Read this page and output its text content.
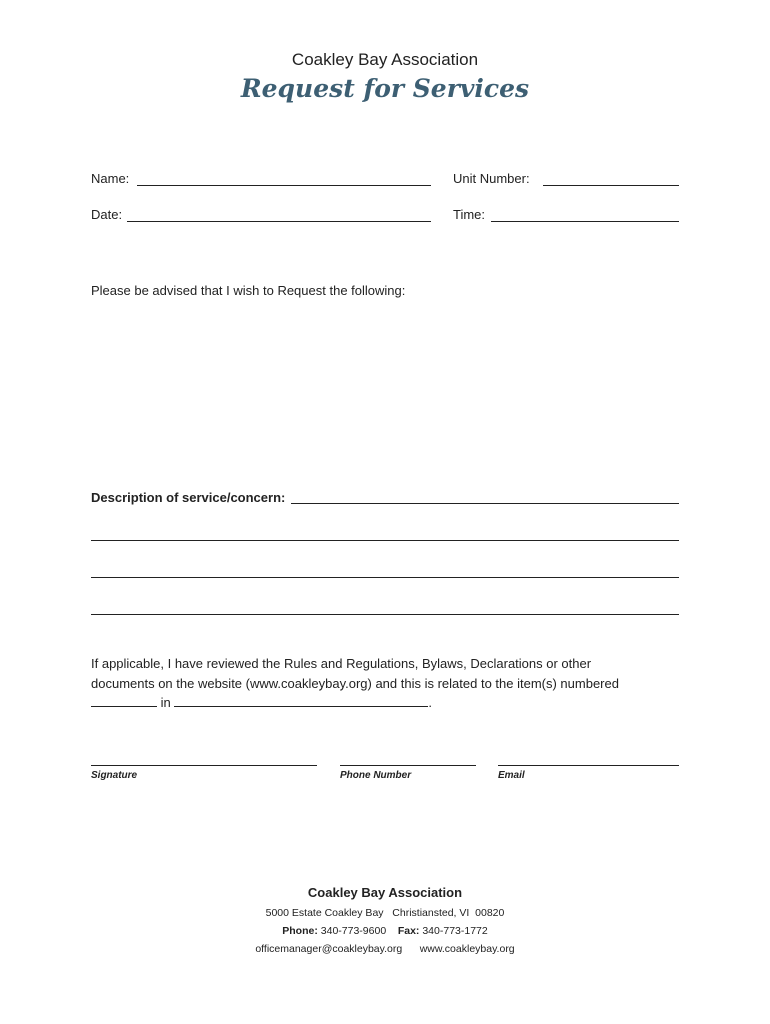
Coakley Bay Association
Request for Services
Name:	Unit Number:
Date:	Time:
Please be advised that I wish to Request the following:
Description of service/concern:
If applicable, I have reviewed the Rules and Regulations, Bylaws, Declarations or other
documents on the website (www.coakleybay.org) and this is related to the item(s) numbered
in	.
Signature	Phone Number	Email
Coakley Bay Association
5000 Estate Coakley Bay   Christiansted, VI  00820
Phone: 340-773-9600 Fax: 340-773-1772
officemanager@coakleybay.org www.coakleybay.org
